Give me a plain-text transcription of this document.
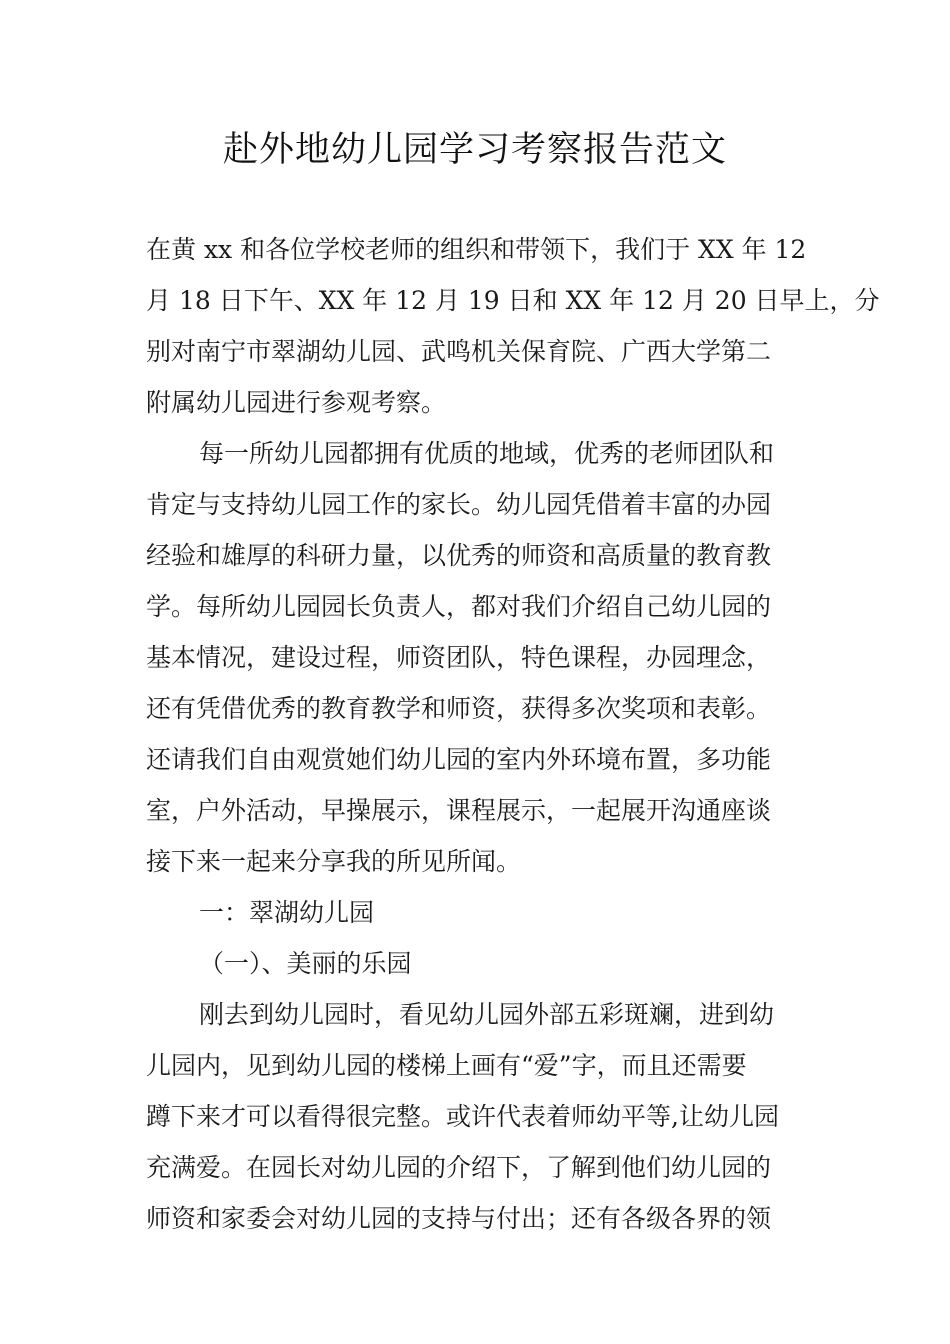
赴外地幼儿园学习考察报告范文
在黄 xx 和各位学校老师的组织和带领下，我们于 XX 年 12
月 18 日下午、XX 年 12 月 19 日和 XX 年 12 月 20 日早上，分
别对南宁市翠湖幼儿园、武鸣机关保育院、广西大学第二
附属幼儿园进行参观考察。
每一所幼儿园都拥有优质的地域，优秀的老师团队和
肯定与支持幼儿园工作的家长。幼儿园凭借着丰富的办园
经验和雄厚的科研力量，以优秀的师资和高质量的教育教
学。每所幼儿园园长负责人，都对我们介绍自己幼儿园的
基本情况，建设过程，师资团队，特色课程，办园理念，
还有凭借优秀的教育教学和师资，获得多次奖项和表彰。
还请我们自由观赏她们幼儿园的室内外环境布置，多功能
室，户外活动，早操展示，课程展示，一起展开沟通座谈
接下来一起来分享我的所见所闻。
一：翠湖幼儿园
（一）、美丽的乐园
刚去到幼儿园时，看见幼儿园外部五彩斑斓，进到幼
儿园内，见到幼儿园的楼梯上画有“爱”字，而且还需要
蹲下来才可以看得很完整。或许代表着师幼平等,让幼儿园
充满爱。在园长对幼儿园的介绍下，了解到他们幼儿园的
师资和家委会对幼儿园的支持与付出；还有各级各界的领
